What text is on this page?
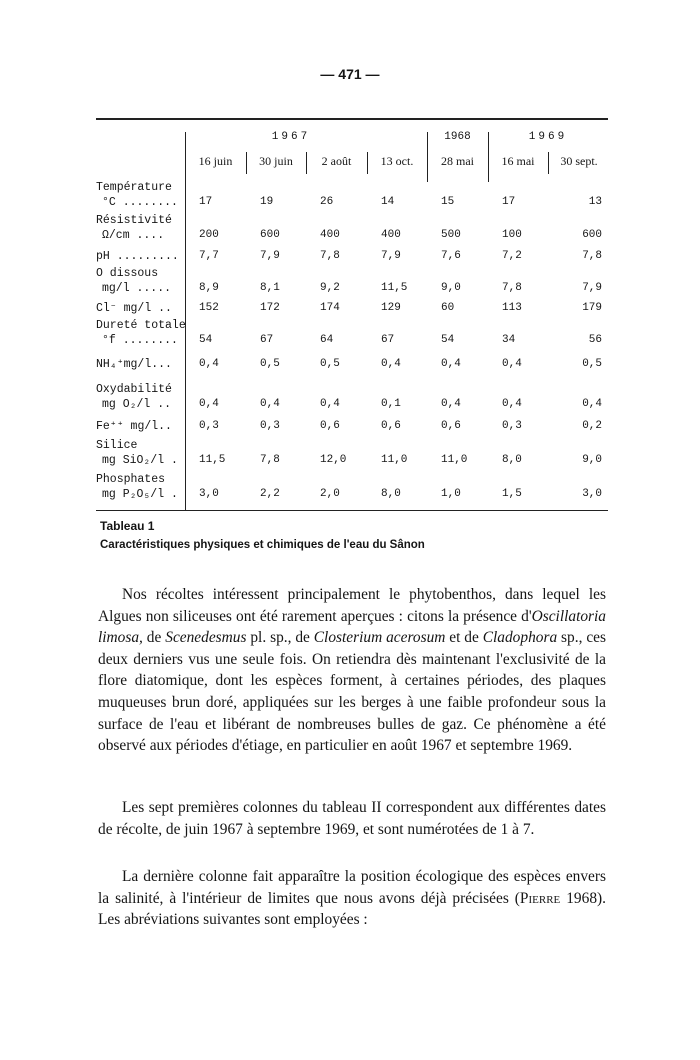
— 471 —
1967	1968	1969
16 juin	30 juin	2 août	13 oct.	28 mai	16 mai	30 sept.
Température
°C ........ 17	19	26	14	15	17	13
Résistivité
Ω/cm ....	200	600	400	400	500	100	600
pH ......... 7,7	7,9	7,8	7,9	7,6	7,2	7,8
O dissous
mg/l .....	8,9	8,1	9,2	11,5	9,0	7,8	7,9
Cl⁻ mg/l .. 152	172	174	129	60	113	179
Dureté totale
°f ........ 54	67	64	67	54	34	56
NH₄⁺mg/l... 0,4	0,5	0,5	0,4	0,4	0,4	0,5
Oxydabilité
mg O₂/l ..	0,4	0,4	0,4	0,1	0,4	0,4	0,4
Fe⁺⁺ mg/l.. 0,3	0,3	0,6	0,6	0,6	0,3	0,2
Silice
mg SiO₂/l . 11,5	7,8	12,0	11,0	11,0	8,0	9,0
Phosphates
mg P₂O₅/l . 3,0	2,2	2,0	8,0	1,0	1,5	3,0
Tableau 1
Caractéristiques physiques et chimiques de l'eau du Sânon

Nos récoltes intéressent principalement le phytobenthos, dans lequel les Algues non siliceuses ont été rarement aperçues : citons la présence d'Oscillatoria limosa, de Scenedesmus pl. sp., de Closterium acerosum et de Cladophora sp., ces deux derniers vus une seule fois. On retiendra dès maintenant l'exclusivité de la flore diatomique, dont les espèces forment, à certaines périodes, des plaques muqueuses brun doré, appliquées sur les berges à une faible profondeur sous la surface de l'eau et libérant de nombreuses bulles de gaz. Ce phénomène a été observé aux périodes d'étiage, en particulier en août 1967 et septembre 1969.

Les sept premières colonnes du tableau II correspondent aux différentes dates de récolte, de juin 1967 à septembre 1969, et sont numérotées de 1 à 7.

La dernière colonne fait apparaître la position écologique des espèces envers la salinité, à l'intérieur de limites que nous avons déjà précisées (Pierre 1968). Les abréviations suivantes sont employées :
